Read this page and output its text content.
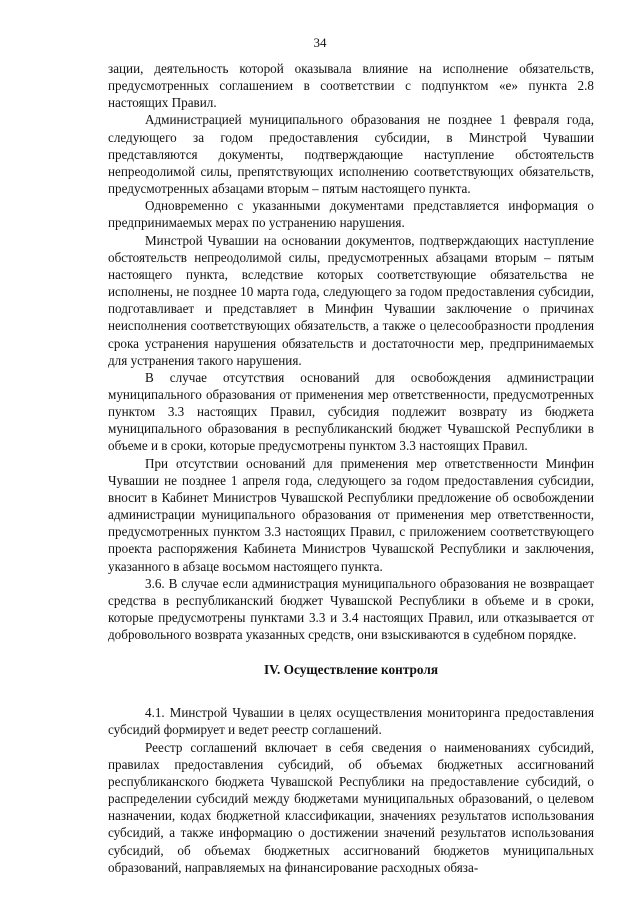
34

зации, деятельность которой оказывала влияние на исполнение обязательств, предусмотренных соглашением в соответствии с подпунктом «е» пункта 2.8 настоящих Правил.

Администрацией муниципального образования не позднее 1 февраля года, следующего за годом предоставления субсидии, в Минстрой Чувашии представляются документы, подтверждающие наступление обстоятельств непреодолимой силы, препятствующих исполнению соответствующих обязательств, предусмотренных абзацами вторым – пятым настоящего пункта.

Одновременно с указанными документами представляется информация о предпринимаемых мерах по устранению нарушения.

Минстрой Чувашии на основании документов, подтверждающих наступление обстоятельств непреодолимой силы, предусмотренных абзацами вторым – пятым настоящего пункта, вследствие которых соответствующие обязательства не исполнены, не позднее 10 марта года, следующего за годом предоставления субсидии, подготавливает и представляет в Минфин Чувашии заключение о причинах неисполнения соответствующих обязательств, а также о целесообразности продления срока устранения нарушения обязательств и достаточности мер, предпринимаемых для устранения такого нарушения.

В случае отсутствия оснований для освобождения администрации муниципального образования от применения мер ответственности, предусмотренных пунктом 3.3 настоящих Правил, субсидия подлежит возврату из бюджета муниципального образования в республиканский бюджет Чувашской Республики в объеме и в сроки, которые предусмотрены пунктом 3.3 настоящих Правил.

При отсутствии оснований для применения мер ответственности Минфин Чувашии не позднее 1 апреля года, следующего за годом предоставления субсидии, вносит в Кабинет Министров Чувашской Республики предложение об освобождении администрации муниципального образования от применения мер ответственности, предусмотренных пунктом 3.3 настоящих Правил, с приложением соответствующего проекта распоряжения Кабинета Министров Чувашской Республики и заключения, указанного в абзаце восьмом настоящего пункта.

3.6. В случае если администрация муниципального образования не возвращает средства в республиканский бюджет Чувашской Республики в объеме и в сроки, которые предусмотрены пунктами 3.3 и 3.4 настоящих Правил, или отказывается от добровольного возврата указанных средств, они взыскиваются в судебном порядке.

IV. Осуществление контроля

4.1. Минстрой Чувашии в целях осуществления мониторинга предоставления субсидий формирует и ведет реестр соглашений.

Реестр соглашений включает в себя сведения о наименованиях субсидий, правилах предоставления субсидий, об объемах бюджетных ассигнований республиканского бюджета Чувашской Республики на предоставление субсидий, о распределении субсидий между бюджетами муниципальных образований, о целевом назначении, кодах бюджетной классификации, значениях результатов использования субсидий, а также информацию о достижении значений результатов использования субсидий, об объемах бюджетных ассигнований бюджетов муниципальных образований, направляемых на финансирование расходных обяза-
